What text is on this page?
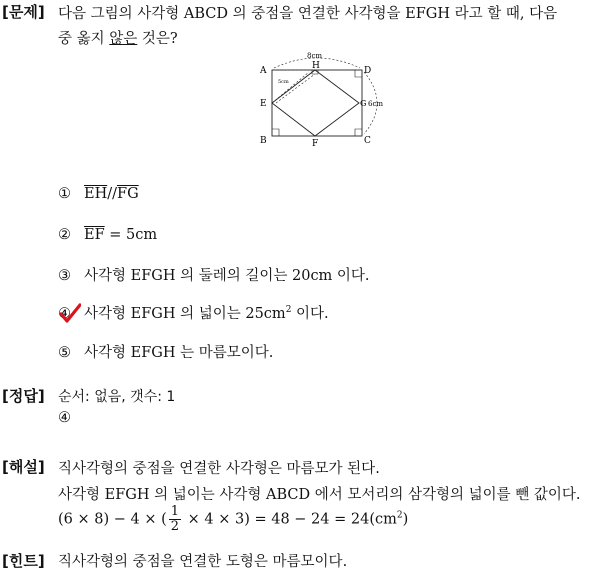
[문제] 다음 그림의 사각형 ABCD 의 중점을 연결한 사각형을 EFGH 라고 할 때, 다음
중 옳지 않은 것은?
A
B	C
D
E
F
G
H
8cm
6cm
5cm
① $\overline{EH}//\overline{FG}$
② $\overline{EF} = 5cm$
③ 사각형 EFGH 의 둘레의 길이는 20cm 이다.
④ 사각형 EFGH 의 넓이는 $25cm^2$ 이다.
⑤ 사각형 EFGH 는 마름모이다.
[정답] 순서: 없음, 갯수: 1
④
[해설] 직사각형의 중점을 연결한 사각형은 마름모가 된다.
사각형 EFGH 의 넓이는 사각형 ABCD 에서 모서리의 삼각형의 넓이를 뺀 값이다.
(6 × 8) − 4 × ( $\frac{1}{2} \times 4 \times 3) = 48 - 24 = 24(cm^2)$
[힌트] 직사각형의 중점을 연결한 도형은 마름모이다.
